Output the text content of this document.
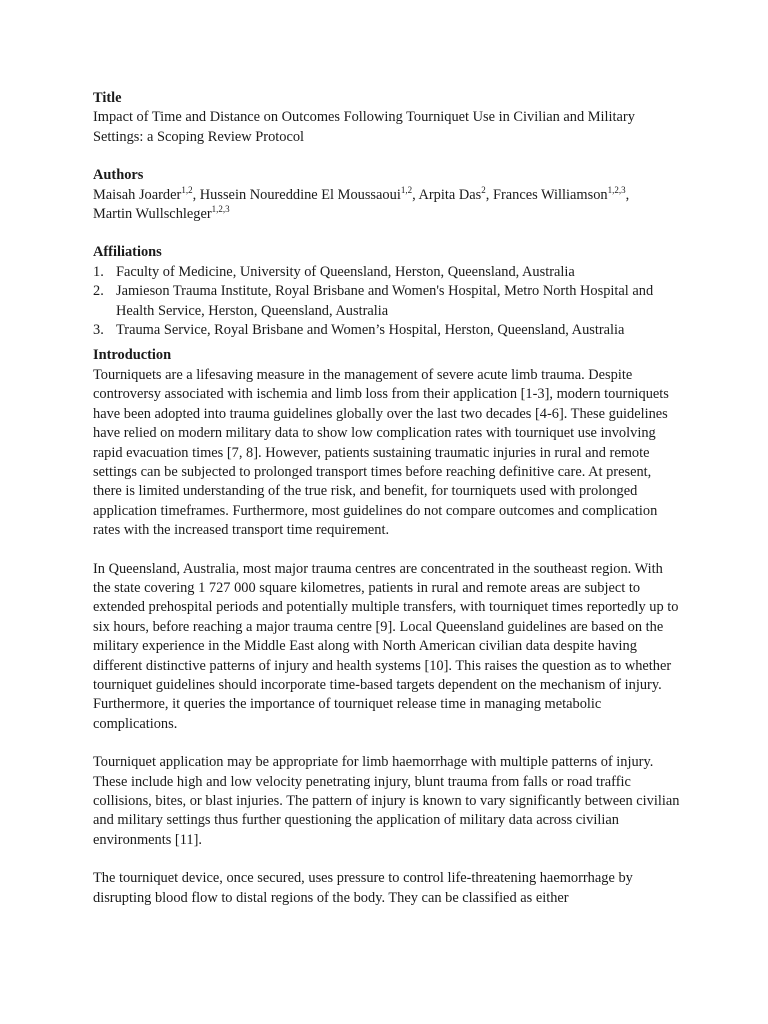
Title

Impact of Time and Distance on Outcomes Following Tourniquet Use in Civilian and Military Settings: a Scoping Review Protocol

Authors

Maisah Joarder$^{1,2}$, Hussein Noureddine El Moussaoui$^{1,2}$, Arpita Das$^2$, Frances Williamson$^{1,2,3}$,
Martin Wullschleger$^{1,2,3}$

Affiliations

1. Faculty of Medicine, University of Queensland, Herston, Queensland, Australia
2. Jamieson Trauma Institute, Royal Brisbane and Women's Hospital, Metro North Hospital and Health Service, Herston, Queensland, Australia
3. Trauma Service, Royal Brisbane and Women’s Hospital, Herston, Queensland, Australia

Introduction

Tourniquets are a lifesaving measure in the management of severe acute limb trauma. Despite controversy associated with ischemia and limb loss from their application [1-3], modern tourniquets have been adopted into trauma guidelines globally over the last two decades [4-6]. These guidelines have relied on modern military data to show low complication rates with tourniquet use involving rapid evacuation times [7, 8]. However, patients sustaining traumatic injuries in rural and remote settings can be subjected to prolonged transport times before reaching definitive care. At present, there is limited understanding of the true risk, and benefit, for tourniquets used with prolonged application timeframes. Furthermore, most guidelines do not compare outcomes and complication rates with the increased transport time requirement.

In Queensland, Australia, most major trauma centres are concentrated in the southeast region. With the state covering 1 727 000 square kilometres, patients in rural and remote areas are subject to extended prehospital periods and potentially multiple transfers, with tourniquet times reportedly up to six hours, before reaching a major trauma centre [9]. Local Queensland guidelines are based on the military experience in the Middle East along with North American civilian data despite having different distinctive patterns of injury and health systems [10]. This raises the question as to whether tourniquet guidelines should incorporate time-based targets dependent on the mechanism of injury. Furthermore, it queries the importance of tourniquet release time in managing metabolic complications.

Tourniquet application may be appropriate for limb haemorrhage with multiple patterns of injury. These include high and low velocity penetrating injury, blunt trauma from falls or road traffic collisions, bites, or blast injuries. The pattern of injury is known to vary significantly between civilian and military settings thus further questioning the application of military data across civilian environments [11].

The tourniquet device, once secured, uses pressure to control life-threatening haemorrhage by disrupting blood flow to distal regions of the body. They can be classified as either
